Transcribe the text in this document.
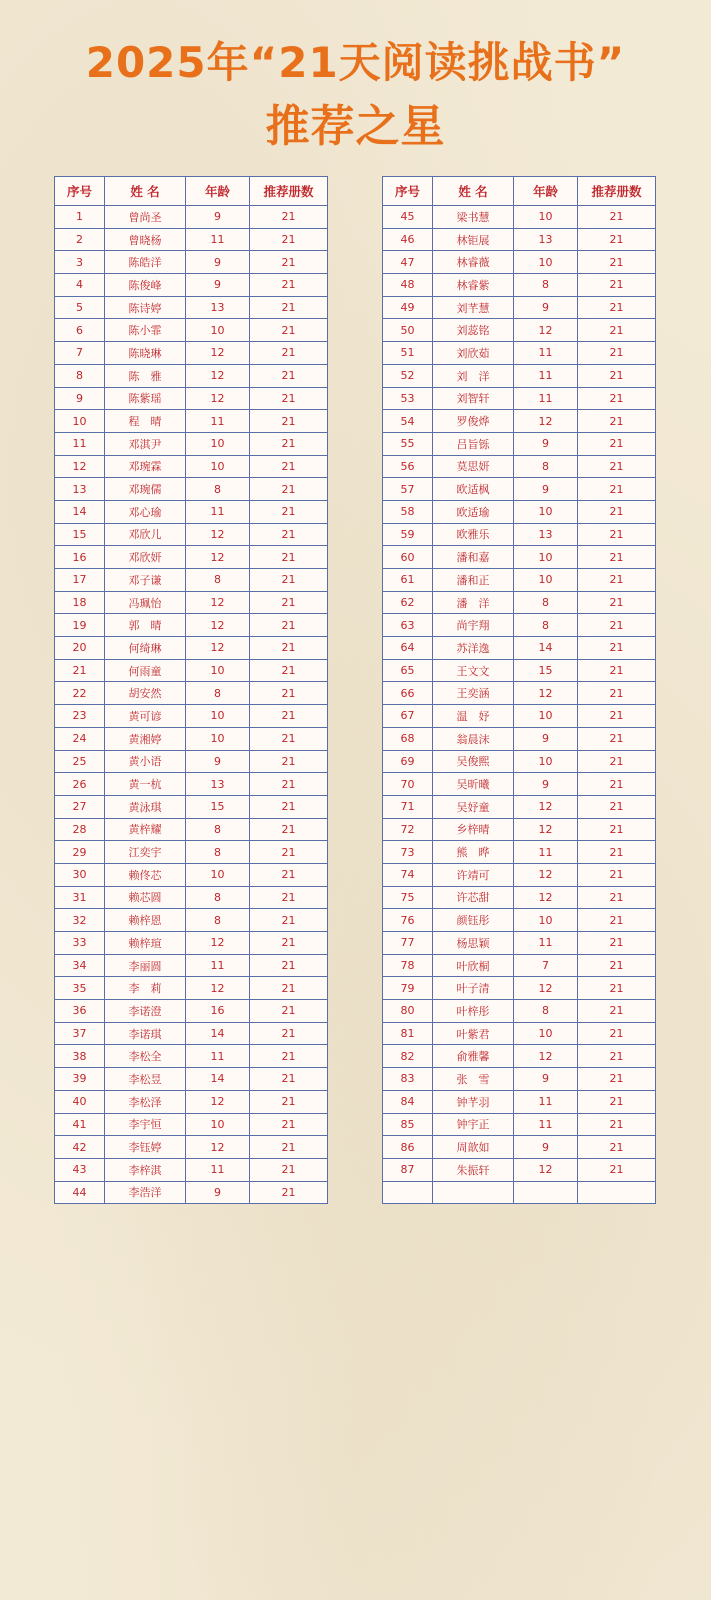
2025年“21天阅读挑战书”
推荐之星
序号	姓 名	年龄	推荐册数
1	曾尚圣	9	21
2	曾晓杨	11	21
3	陈皓洋	9	21
4	陈俊峰	9	21
5	陈诗婷	13	21
6	陈小霏	10	21
7	陈晓琳	12	21
8	陈　雅	12	21
9	陈紫瑶	12	21
10	程　晴	11	21
11	邓淇尹	10	21
12	邓琬霖	10	21
13	邓琬儒	8	21
14	邓心瑜	11	21
15	邓欣儿	12	21
16	邓欣妍	12	21
17	邓子谦	8	21
18	冯珮怡	12	21
19	郭　晴	12	21
20	何绮琳	12	21
21	何雨童	10	21
22	胡安然	8	21
23	黄可谚	10	21
24	黄湘婷	10	21
25	黄小语	9	21
26	黄一杭	13	21
27	黄泳琪	15	21
28	黄梓耀	8	21
29	江奕宇	8	21
30	赖佟芯	10	21
31	赖芯圆	8	21
32	赖梓恩	8	21
33	赖梓瑄	12	21
34	李丽圆	11	21
35	李　莉	12	21
36	李诺澄	16	21
37	李诺琪	14	21
38	李松全	11	21
39	李松昱	14	21
40	李松泽	12	21
41	李宇恒	10	21
42	李钰婷	12	21
43	李梓淇	11	21
44	李浩洋	9	21
序号	姓 名	年龄	推荐册数
45	梁书慧	10	21
46	林钜展	13	21
47	林睿薇	10	21
48	林睿紫	8	21
49	刘芊慧	9	21
50	刘蕊铭	12	21
51	刘欣茹	11	21
52	刘　洋	11	21
53	刘智轩	11	21
54	罗俊烨	12	21
55	吕旨铄	9	21
56	莫思妍	8	21
57	欧适枫	9	21
58	欧适瑜	10	21
59	欧雅乐	13	21
60	潘和嘉	10	21
61	潘和正	10	21
62	潘　洋	8	21
63	尚宇翔	8	21
64	苏洋逸	14	21
65	王文文	15	21
66	王奕涵	12	21
67	温　妤	10	21
68	翁晨沫	9	21
69	吴俊熙	10	21
70	吴昕曦	9	21
71	吴妤童	12	21
72	乡梓晴	12	21
73	熊　晔	11	21
74	许靖可	12	21
75	许芯甜	12	21
76	颜钰彤	10	21
77	杨思颖	11	21
78	叶欣桐	7	21
79	叶子清	12	21
80	叶梓彤	8	21
81	叶紫君	10	21
82	俞雅馨	12	21
83	张　雪	9	21
84	钟芊羽	11	21
85	钟宇正	11	21
86	周歆如	9	21
87	朱振轩	12	21
